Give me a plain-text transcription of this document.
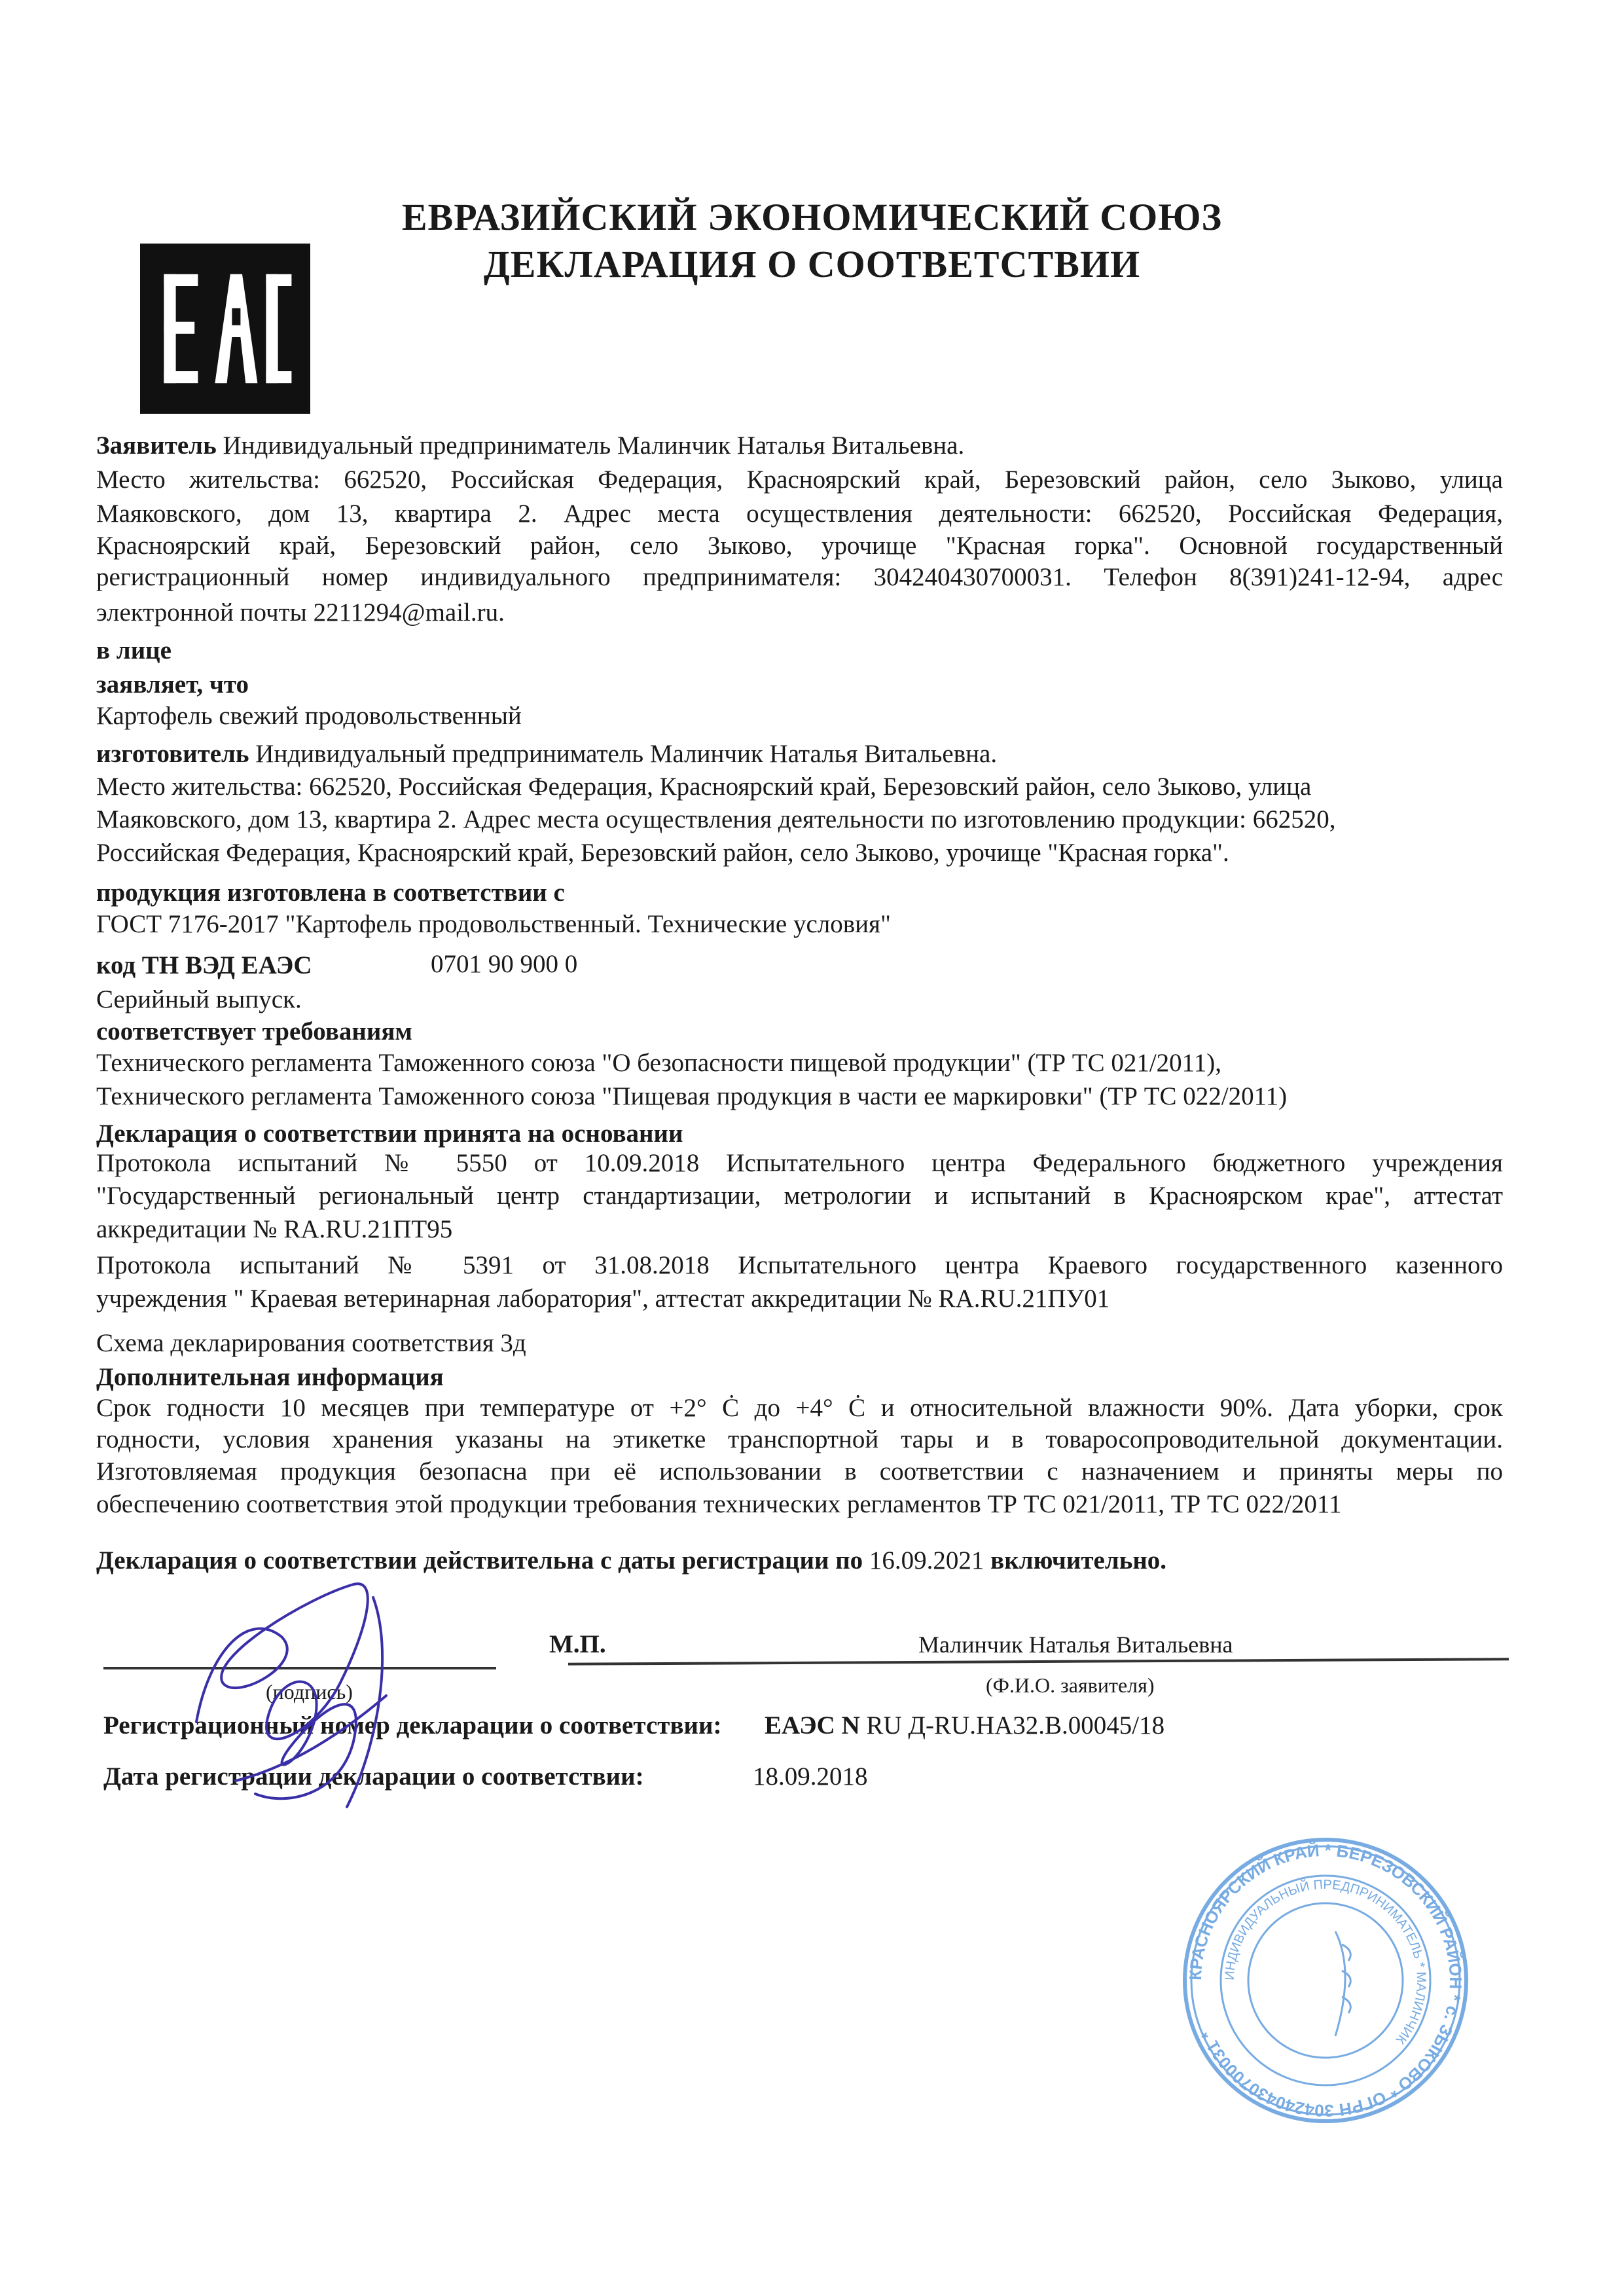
ЕВРАЗИЙСКИЙ ЭКОНОМИЧЕСКИЙ СОЮЗ
ДЕКЛАРАЦИЯ О СООТВЕТСТВИИ
Заявитель Индивидуальный предприниматель Малинчик Наталья Витальевна.
Место жительства: 662520, Российская Федерация, Красноярский край, Березовский район, село Зыково, улица
Маяковского, дом 13, квартира 2. Адрес места осуществления деятельности: 662520, Российская Федерация,
Красноярский край, Березовский район, село Зыково, урочище "Красная горка". Основной государственный
регистрационный номер индивидуального предпринимателя: 304240430700031. Телефон 8(391)241-12-94, адрес
электронной почты 2211294@mail.ru.
в лице
заявляет, что
Картофель свежий продовольственный
изготовитель Индивидуальный предприниматель Малинчик Наталья Витальевна.
Место жительства: 662520, Российская Федерация, Красноярский край, Березовский район, село Зыково, улица
Маяковского, дом 13, квартира 2. Адрес места осуществления деятельности по изготовлению продукции: 662520,
Российская Федерация, Красноярский край, Березовский район, село Зыково, урочище "Красная горка".
продукция изготовлена в соответствии с
ГОСТ 7176-2017 "Картофель продовольственный. Технические условия"
код ТН ВЭД ЕАЭС	0701 90 900 0
Серийный выпуск.
соответствует требованиям
Технического регламента Таможенного союза "О безопасности пищевой продукции" (ТР ТС 021/2011),
Технического регламента Таможенного союза "Пищевая продукция в части ее маркировки" (ТР ТС 022/2011)
Декларация о соответствии принята на основании
Протокола испытаний № 5550 от 10.09.2018 Испытательного центра Федерального бюджетного учреждения
"Государственный региональный центр стандартизации, метрологии и испытаний в Красноярском крае", аттестат
аккредитации № RA.RU.21ПТ95
Протокола испытаний № 5391 от 31.08.2018 Испытательного центра Краевого государственного казенного
учреждения " Краевая ветеринарная лаборатория", аттестат аккредитации № RA.RU.21ПУ01
Схема декларирования соответствия 3д
Дополнительная информация
Срок годности 10 месяцев при температуре от +2° Ċ до +4° Ċ и относительной влажности 90%. Дата уборки, срок
годности, условия хранения указаны на этикетке транспортной тары и в товаросопроводительной документации.
Изготовляемая продукция безопасна при её использовании в соответствии с назначением и приняты меры по
обеспечению соответствия этой продукции требования технических регламентов ТР ТС 021/2011, ТР ТС 022/2011
Декларация о соответствии действительна с даты регистрации по 16.09.2021 включительно.
М.П.	Малинчик Наталья Витальевна
(подпись)	(Ф.И.О. заявителя)
Регистрационный номер декларации о соответствии: ЕАЭС N RU Д-RU.HA32.B.00045/18
Дата регистрации декларации о соответствии:	18.09.2018
КРАСНОЯРСКИЙ КРАЙ * БЕРЕЗОВСКИЙ РАЙОН * с. ЗЫКОВО * ОГРН 304240430700031 *
ИНДИВИДУАЛЬНЫЙ ПРЕДПРИНИМАТЕЛЬ * МАЛИНЧИК
